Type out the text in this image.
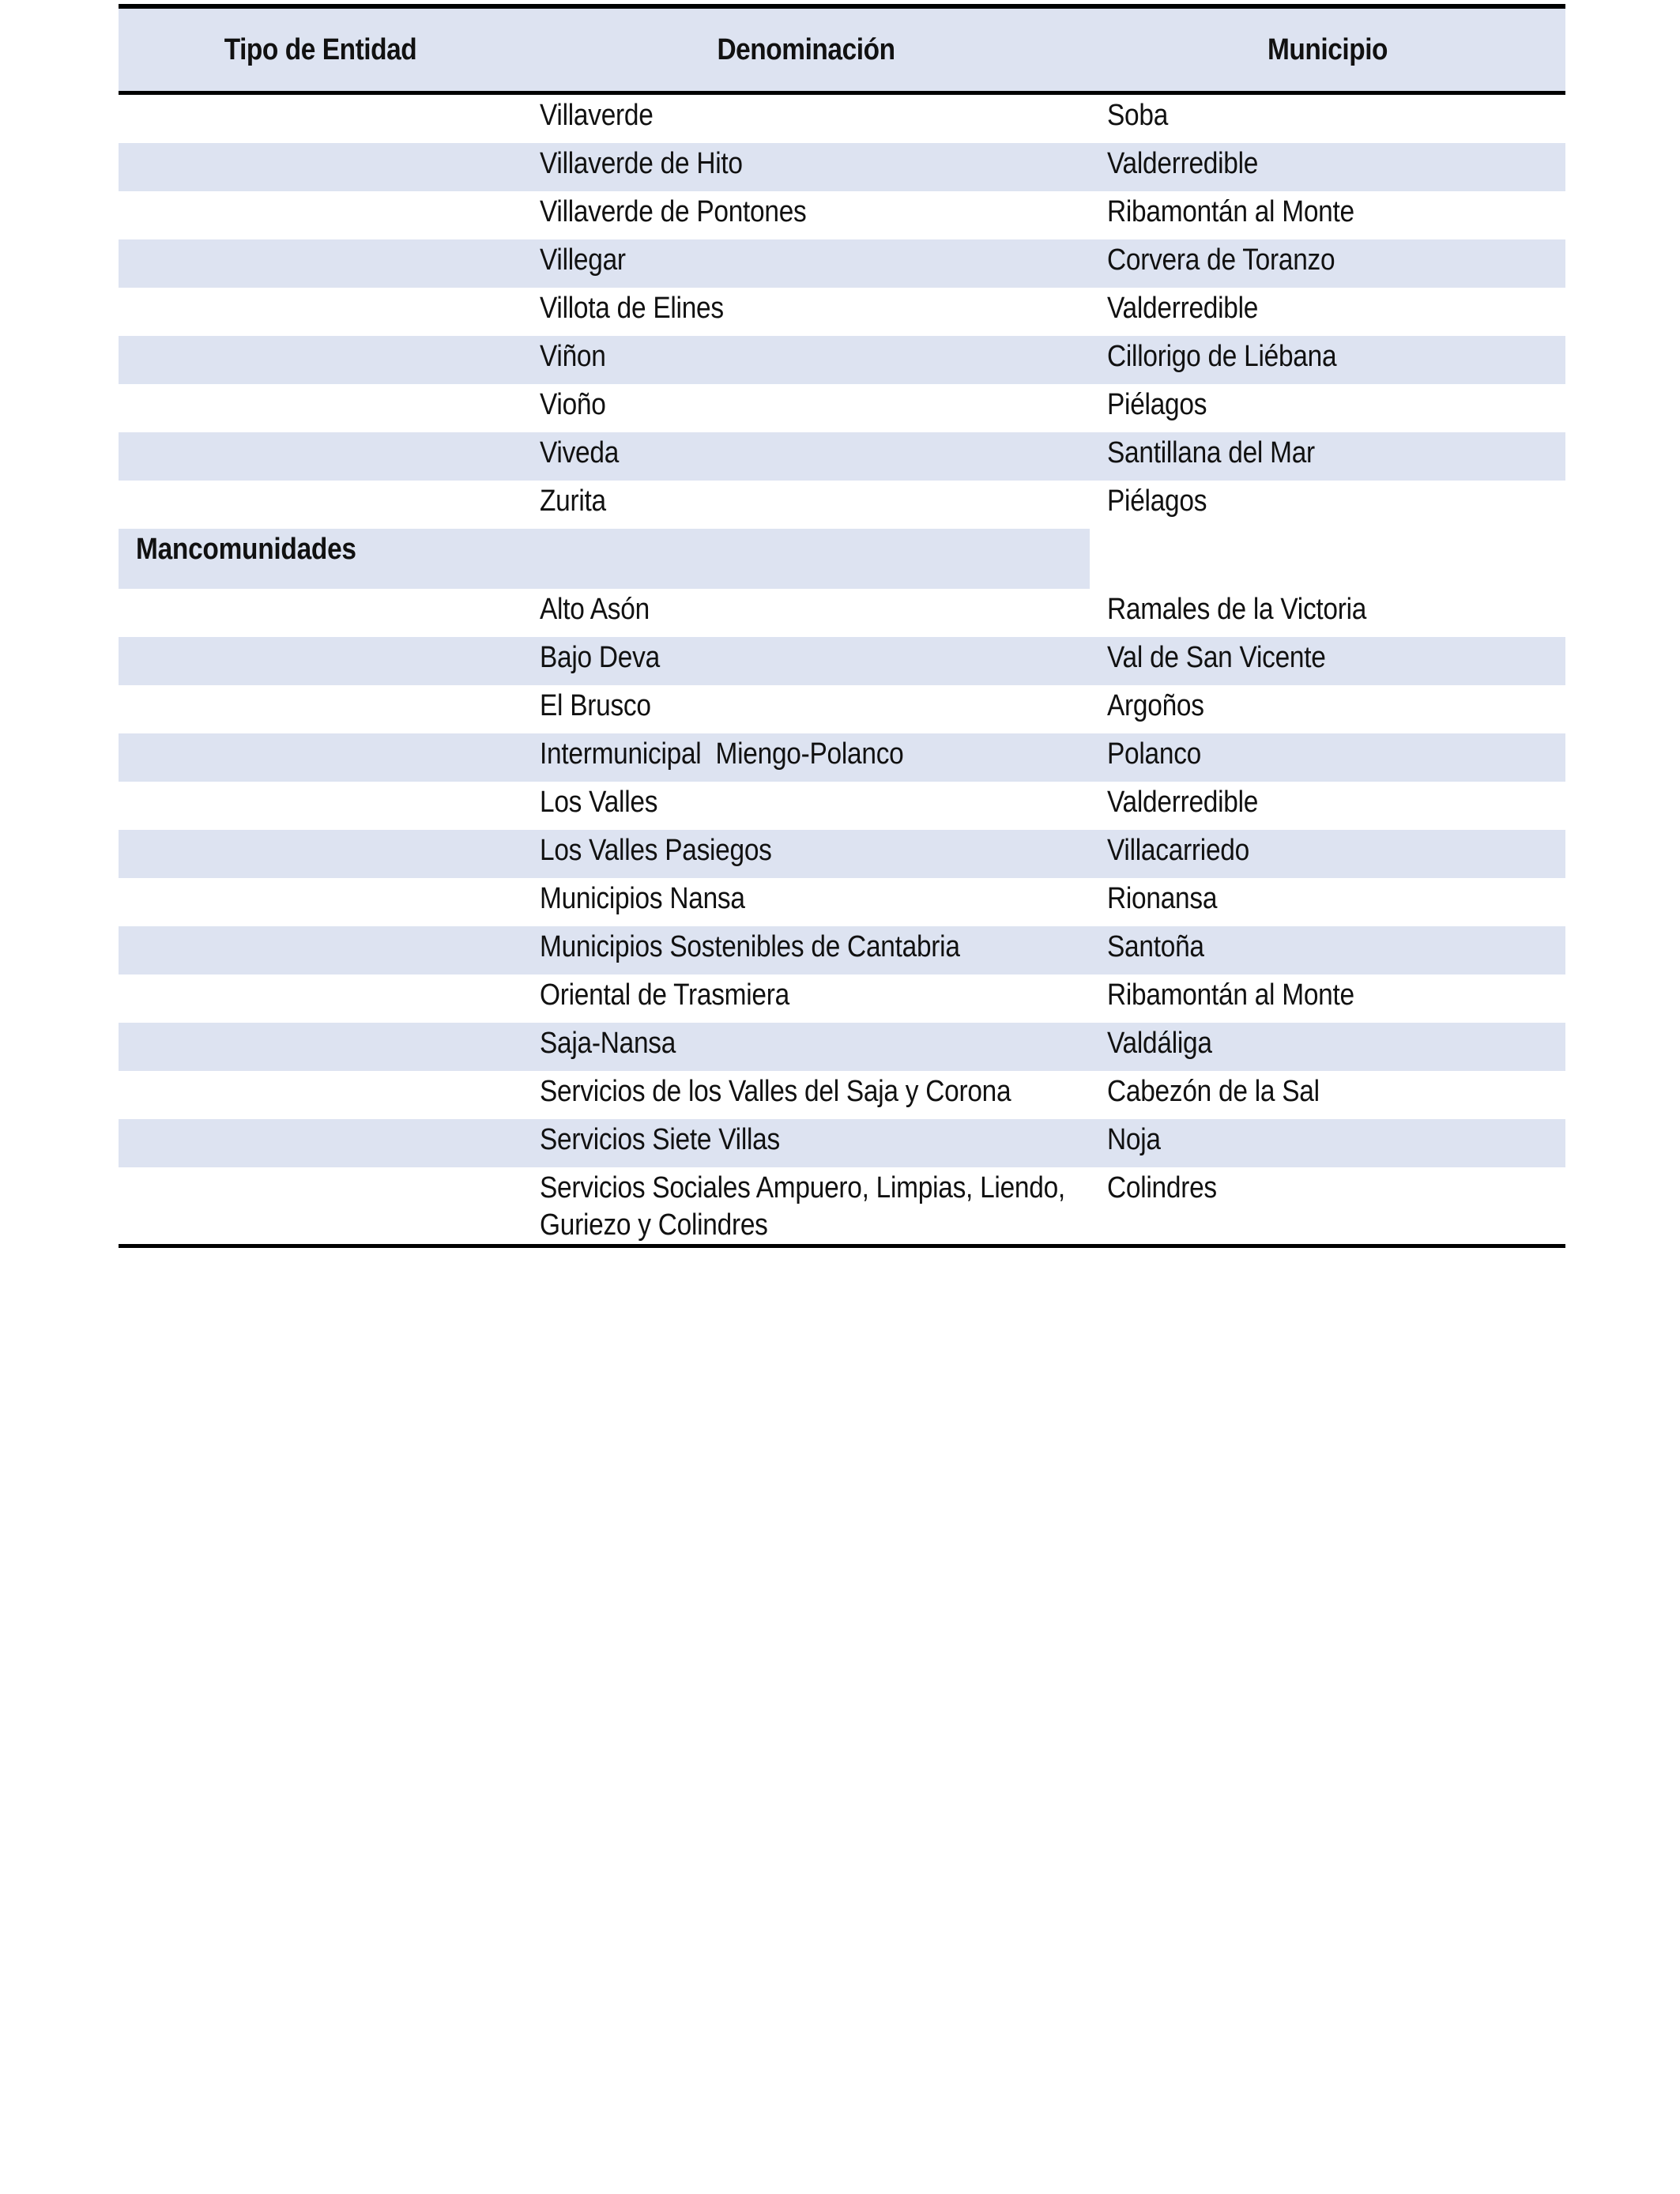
Tipo de Entidad	Denominación	Municipio
	Villaverde	Soba
	Villaverde de Hito	Valderredible
	Villaverde de Pontones	Ribamontán al Monte
	Villegar	Corvera de Toranzo
	Villota de Elines	Valderredible
	Viñon	Cillorigo de Liébana
	Vioño	Piélagos
	Viveda	Santillana del Mar
	Zurita	Piélagos
Mancomunidades		
	Alto Asón	Ramales de la Victoria
	Bajo Deva	Val de San Vicente
	El Brusco	Argoños
	Intermunicipal  Miengo-Polanco	Polanco
	Los Valles	Valderredible
	Los Valles Pasiegos	Villacarriedo
	Municipios Nansa	Rionansa
	Municipios Sostenibles de Cantabria	Santoña
	Oriental de Trasmiera	Ribamontán al Monte
	Saja-Nansa	Valdáliga
	Servicios de los Valles del Saja y Corona	Cabezón de la Sal
	Servicios Siete Villas	Noja

	Servicios Sociales Ampuero, Limpias, Liendo, Guriezo y Colindres	Colindres
